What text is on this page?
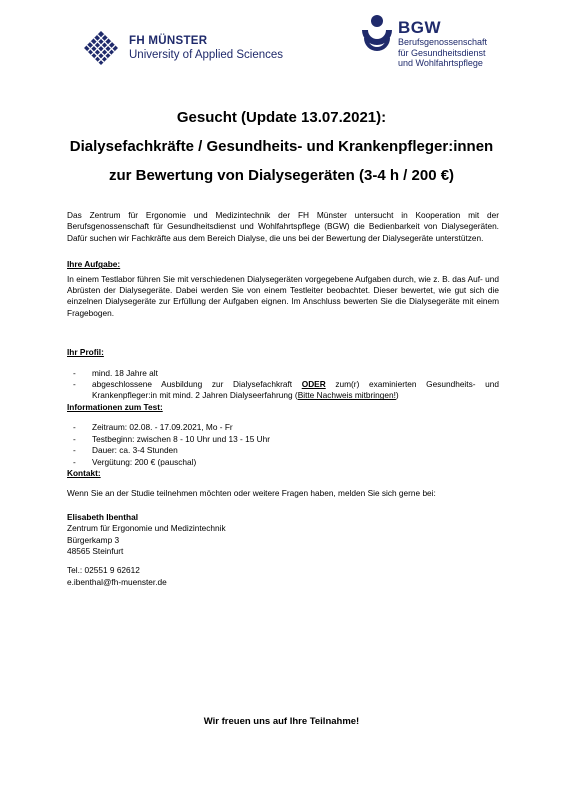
FH MÜNSTER
University of Applied Sciences
BGW
Berufsgenossenschaft
für Gesundheitsdienst
und Wohlfahrtspflege
Gesucht (Update 13.07.2021):
Dialysefachkräfte / Gesundheits- und Krankenpfleger:innen
zur Bewertung von Dialysegeräten (3-4 h / 200 €)

Das Zentrum für Ergonomie und Medizintechnik der FH Münster untersucht in Kooperation mit der Berufsgenossenschaft für Gesundheitsdienst und Wohlfahrtspflege (BGW) die Bedienbarkeit von Dialysegeräten. Dafür suchen wir Fachkräfte aus dem Bereich Dialyse, die uns bei der Bewertung der Dialysegeräte unterstützen.

Ihre Aufgabe:

In einem Testlabor führen Sie mit verschiedenen Dialysegeräten vorgegebene Aufgaben durch, wie z. B. das Auf- und Abrüsten der Dialysegeräte. Dabei werden Sie von einem Testleiter beobachtet. Dieser bewertet, wie gut sich die einzelnen Dialysegeräte zur Erfüllung der Aufgaben eignen. Im Anschluss bewerten Sie die Dialysegeräte mit einem Fragebogen.

Ihr Profil:

- mind. 18 Jahre alt
- abgeschlossene Ausbildung zur Dialysefachkraft ODER zum(r) examinierten Gesundheits- und Krankenpfleger:in mit mind. 2 Jahren Dialyseerfahrung (Bitte Nachweis mitbringen!)

Informationen zum Test:

- Zeitraum: 02.08. - 17.09.2021, Mo - Fr
- Testbeginn: zwischen 8 - 10 Uhr und 13 - 15 Uhr
- Dauer: ca. 3-4 Stunden
- Vergütung: 200 € (pauschal)

Kontakt:

Wenn Sie an der Studie teilnehmen möchten oder weitere Fragen haben, melden Sie sich gerne bei:

Elisabeth Ibenthal
Zentrum für Ergonomie und Medizintechnik
Bürgerkamp 3
48565 Steinfurt
Tel.: 02551 9 62612
e.ibenthal@fh-muenster.de
Wir freuen uns auf Ihre Teilnahme!
